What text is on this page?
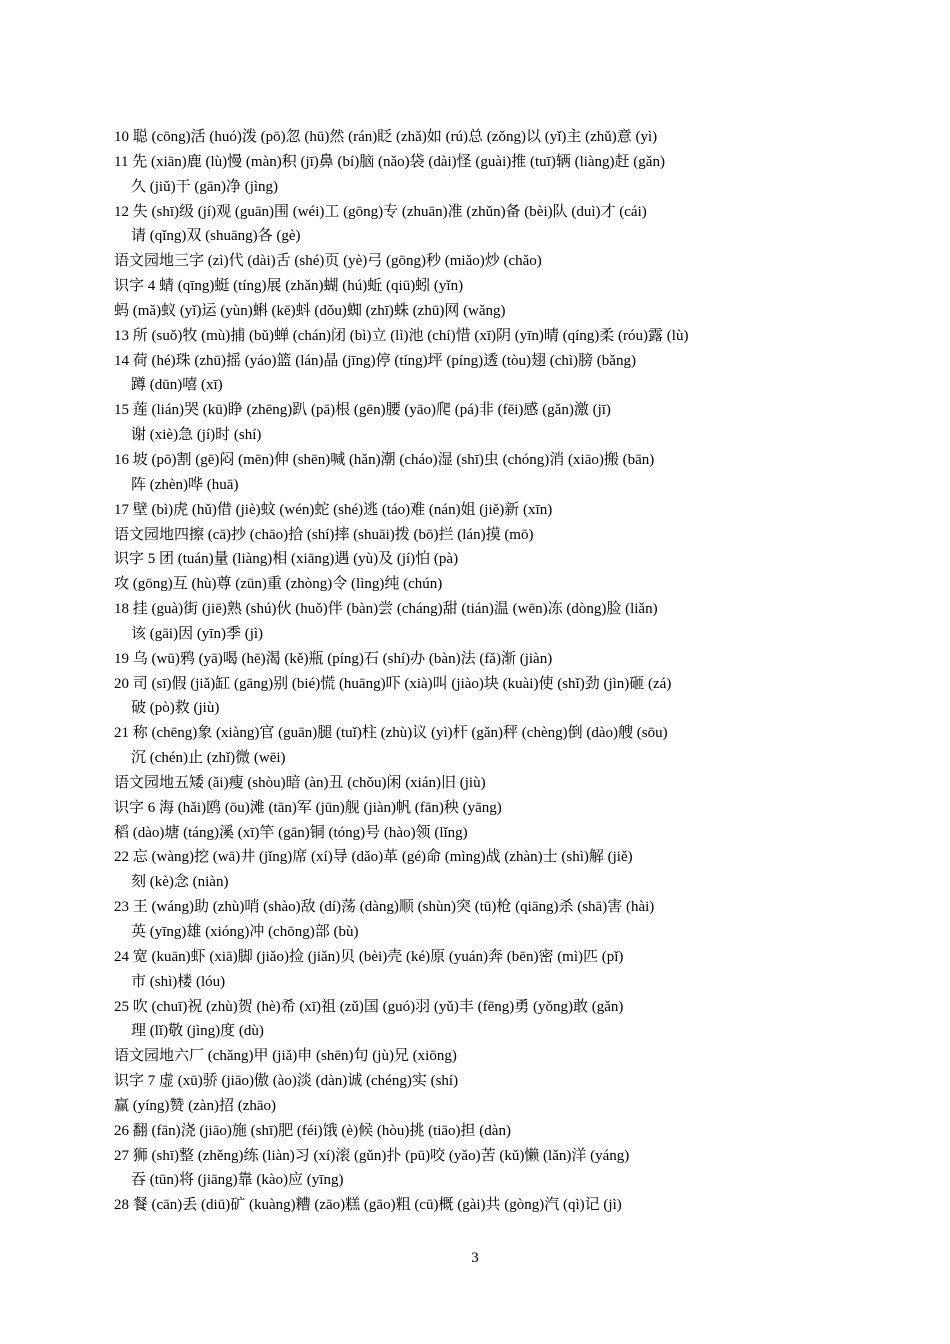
10 聪 (cōng)活 (huó)泼 (pō)忽 (hū)然 (rán)眨 (zhǎ)如 (rú)总 (zǒng)以 (yǐ)主 (zhǔ)意 (yì)
11 先 (xiān)鹿 (lù)慢 (màn)积 (jī)鼻 (bí)脑 (nǎo)袋 (dài)怪 (guài)推 (tuī)辆 (liàng)赶 (gǎn)
久 (jiǔ)干 (gān)净 (jìng)
12 失 (shī)级 (jí)观 (guān)围 (wéi)工 (gōng)专 (zhuān)准 (zhǔn)备 (bèi)队 (duì)才 (cái)
请 (qǐng)双 (shuāng)各 (gè)
语文园地三字 (zì)代 (dài)舌 (shé)页 (yè)弓 (gōng)秒 (miǎo)炒 (chǎo)
识字 4 蜻 (qīng)蜓 (tíng)展 (zhǎn)蝴 (hú)蚯 (qiū)蚓 (yǐn)
蚂 (mǎ)蚁 (yǐ)运 (yùn)蝌 (kē)蚪 (dǒu)蜘 (zhī)蛛 (zhū)网 (wǎng)
13 所 (suǒ)牧 (mù)捕 (bǔ)蝉 (chán)闭 (bì)立 (lì)池 (chí)惜 (xī)阴 (yīn)晴 (qíng)柔 (róu)露 (lù)
14 荷 (hé)珠 (zhū)摇 (yáo)篮 (lán)晶 (jīng)停 (tíng)坪 (píng)透 (tòu)翅 (chì)膀 (bǎng)
蹲 (dūn)嘻 (xī)
15 莲 (lián)哭 (kū)睁 (zhēng)趴 (pā)根 (gēn)腰 (yāo)爬 (pá)非 (fēi)感 (gǎn)激 (jī)
谢 (xiè)急 (jí)时 (shí)
16 坡 (pō)割 (gē)闷 (mēn)伸 (shēn)喊 (hǎn)潮 (cháo)湿 (shī)虫 (chóng)消 (xiāo)搬 (bān)
阵 (zhèn)哗 (huā)
17 壁 (bì)虎 (hǔ)借 (jiè)蚊 (wén)蛇 (shé)逃 (táo)难 (nán)姐 (jiě)新 (xīn)
语文园地四擦 (cā)抄 (chāo)拾 (shí)摔 (shuāi)拨 (bō)拦 (lán)摸 (mō)
识字 5 团 (tuán)量 (liàng)相 (xiāng)遇 (yù)及 (jí)怕 (pà)
攻 (gōng)互 (hù)尊 (zūn)重 (zhòng)令 (lìng)纯 (chún)
18 挂 (guà)街 (jiē)熟 (shú)伙 (huǒ)伴 (bàn)尝 (cháng)甜 (tián)温 (wēn)冻 (dòng)脸 (liǎn)
该 (gāi)因 (yīn)季 (jì)
19 乌 (wū)鸦 (yā)喝 (hē)渴 (kě)瓶 (píng)石 (shí)办 (bàn)法 (fǎ)渐 (jiàn)
20 司 (sī)假 (jiǎ)缸 (gāng)别 (bié)慌 (huāng)吓 (xià)叫 (jiào)块 (kuài)使 (shǐ)劲 (jìn)砸 (zá)
破 (pò)救 (jiù)
21 称 (chēng)象 (xiàng)官 (guān)腿 (tuǐ)柱 (zhù)议 (yì)杆 (gǎn)秤 (chèng)倒 (dào)艘 (sōu)
沉 (chén)止 (zhǐ)微 (wēi)
语文园地五矮 (ǎi)瘦 (shòu)暗 (àn)丑 (chǒu)闲 (xián)旧 (jiù)
识字 6 海 (hǎi)鸥 (ōu)滩 (tān)军 (jūn)舰 (jiàn)帆 (fān)秧 (yāng)
稻 (dào)塘 (táng)溪 (xī)竿 (gān)铜 (tóng)号 (hào)领 (lǐng)
22 忘 (wàng)挖 (wā)井 (jǐng)席 (xí)导 (dǎo)革 (gé)命 (mìng)战 (zhàn)士 (shì)解 (jiě)
刻 (kè)念 (niàn)
23 王 (wáng)助 (zhù)哨 (shào)敌 (dí)荡 (dàng)顺 (shùn)突 (tū)枪 (qiāng)杀 (shā)害 (hài)
英 (yīng)雄 (xióng)冲 (chōng)部 (bù)
24 宽 (kuān)虾 (xiā)脚 (jiǎo)捡 (jiǎn)贝 (bèi)壳 (ké)原 (yuán)奔 (bēn)密 (mì)匹 (pǐ)
市 (shì)楼 (lóu)
25 吹 (chuī)祝 (zhù)贺 (hè)希 (xī)祖 (zǔ)国 (guó)羽 (yǔ)丰 (fēng)勇 (yǒng)敢 (gǎn)
理 (lǐ)敬 (jìng)度 (dù)
语文园地六厂 (chǎng)甲 (jiǎ)申 (shēn)句 (jù)兄 (xiōng)
识字 7 虚 (xū)骄 (jiāo)傲 (ào)淡 (dàn)诚 (chéng)实 (shí)
赢 (yíng)赞 (zàn)招 (zhāo)
26 翻 (fān)浇 (jiāo)施 (shī)肥 (féi)饿 (è)候 (hòu)挑 (tiāo)担 (dàn)
27 狮 (shī)整 (zhěng)练 (liàn)习 (xí)滚 (gǔn)扑 (pū)咬 (yǎo)苦 (kǔ)懒 (lǎn)洋 (yáng)
吞 (tūn)将 (jiāng)靠 (kào)应 (yīng)
28 餐 (cān)丢 (diū)矿 (kuàng)糟 (zāo)糕 (gāo)粗 (cū)概 (gài)共 (gòng)汽 (qì)记 (jì)
3
